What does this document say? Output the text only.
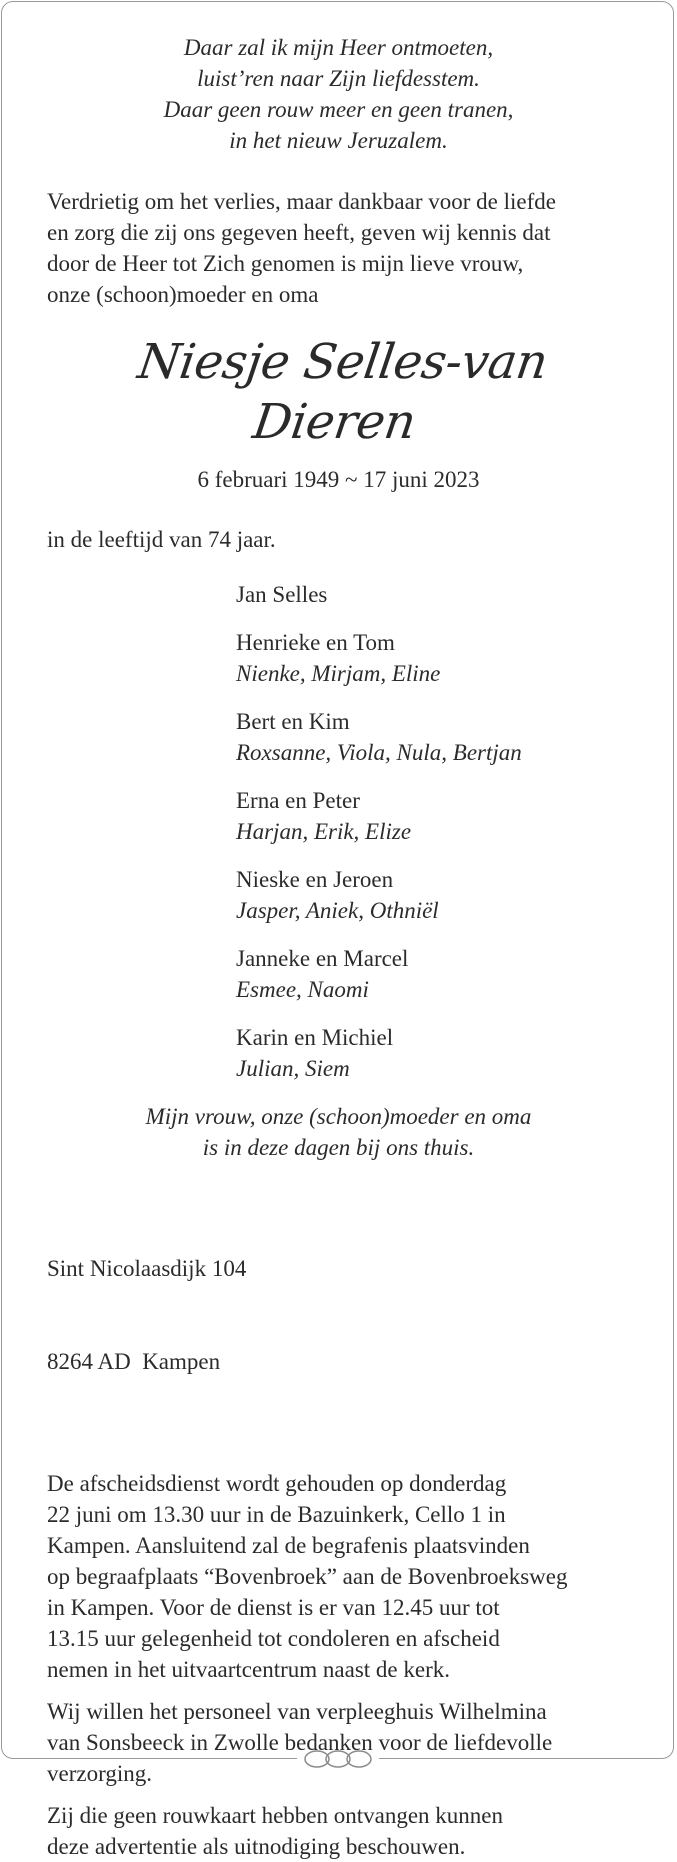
Daar zal ik mijn Heer ontmoeten,
luist’ren naar Zijn liefdesstem.
Daar geen rouw meer en geen tranen,
in het nieuw Jeruzalem.
Verdrietig om het verlies, maar dankbaar voor de liefde
en zorg die zij ons gegeven heeft, geven wij kennis dat
door de Heer tot Zich genomen is mijn lieve vrouw,
onze (schoon)moeder en oma
Niesje Selles-van Dieren
6 februari 1949 ~ 17 juni 2023
in de leeftijd van 74 jaar.
Jan Selles
Henrieke en Tom
Nienke, Mirjam, Eline
Bert en Kim
Roxsanne, Viola, Nula, Bertjan
Erna en Peter
Harjan, Erik, Elize
Nieske en Jeroen
Jasper, Aniek, Othniël
Janneke en Marcel
Esmee, Naomi
Karin en Michiel
Julian, Siem
Mijn vrouw, onze (schoon)moeder en oma
is in deze dagen bij ons thuis.

Sint Nicolaasdijk 104

8264 AD  Kampen

De afscheidsdienst wordt gehouden op donderdag
22 juni om 13.30 uur in de Bazuinkerk, Cello 1 in
Kampen. Aansluitend zal de begrafenis plaatsvinden
op begraafplaats “Bovenbroek” aan de Bovenbroeksweg
in Kampen. Voor de dienst is er van 12.45 uur tot
13.15 uur gelegenheid tot condoleren en afscheid
nemen in het uitvaartcentrum naast de kerk.
Wij willen het personeel van verpleeghuis Wilhelmina
van Sonsbeeck in Zwolle bedanken voor de liefdevolle
verzorging.
Zij die geen rouwkaart hebben ontvangen kunnen
deze advertentie als uitnodiging beschouwen.
